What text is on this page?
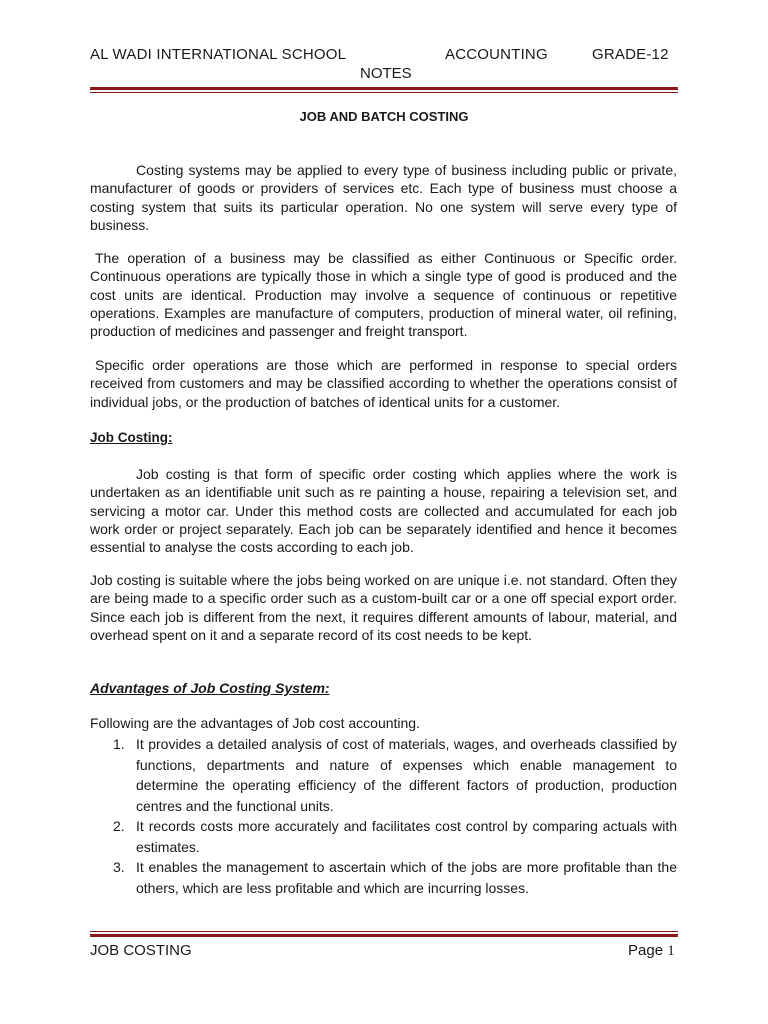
AL WADI INTERNATIONAL SCHOOL	ACCOUNTING	GRADE-12
NOTES
JOB AND BATCH COSTING

Costing systems may be applied to every type of business including public or private, manufacturer of goods or providers of services etc. Each type of business must choose a costing system that suits its particular operation. No one system will serve every type of business.

The operation of a business may be classified as either Continuous or Specific order. Continuous operations are typically those in which a single type of good is produced and the cost units are identical. Production may involve a sequence of continuous or repetitive operations. Examples are manufacture of computers, production of mineral water, oil refining, production of medicines and passenger and freight transport.

Specific order operations are those which are performed in response to special orders received from customers and may be classified according to whether the operations consist of individual jobs, or the production of batches of identical units for a customer.

Job Costing:

Job costing is that form of specific order costing which applies where the work is undertaken as an identifiable unit such as re painting a house, repairing a television set, and servicing a motor car. Under this method costs are collected and accumulated for each job work order or project separately. Each job can be separately identified and hence it becomes essential to analyse the costs according to each job.

Job costing is suitable where the jobs being worked on are unique i.e. not standard. Often they are being made to a specific order such as a custom-built car or a one off special export order. Since each job is different from the next, it requires different amounts of labour, material, and overhead spent on it and a separate record of its cost needs to be kept.

Advantages of Job Costing System:

Following are the advantages of Job cost accounting.

1. It provides a detailed analysis of cost of materials, wages, and overheads classified by functions, departments and nature of expenses which enable management to determine the operating efficiency of the different factors of production, production centres and the functional units.
2. It records costs more accurately and facilitates cost control by comparing actuals with estimates.
3. It enables the management to ascertain which of the jobs are more profitable than the others, which are less profitable and which are incurring losses.
JOB COSTING	Page 1
